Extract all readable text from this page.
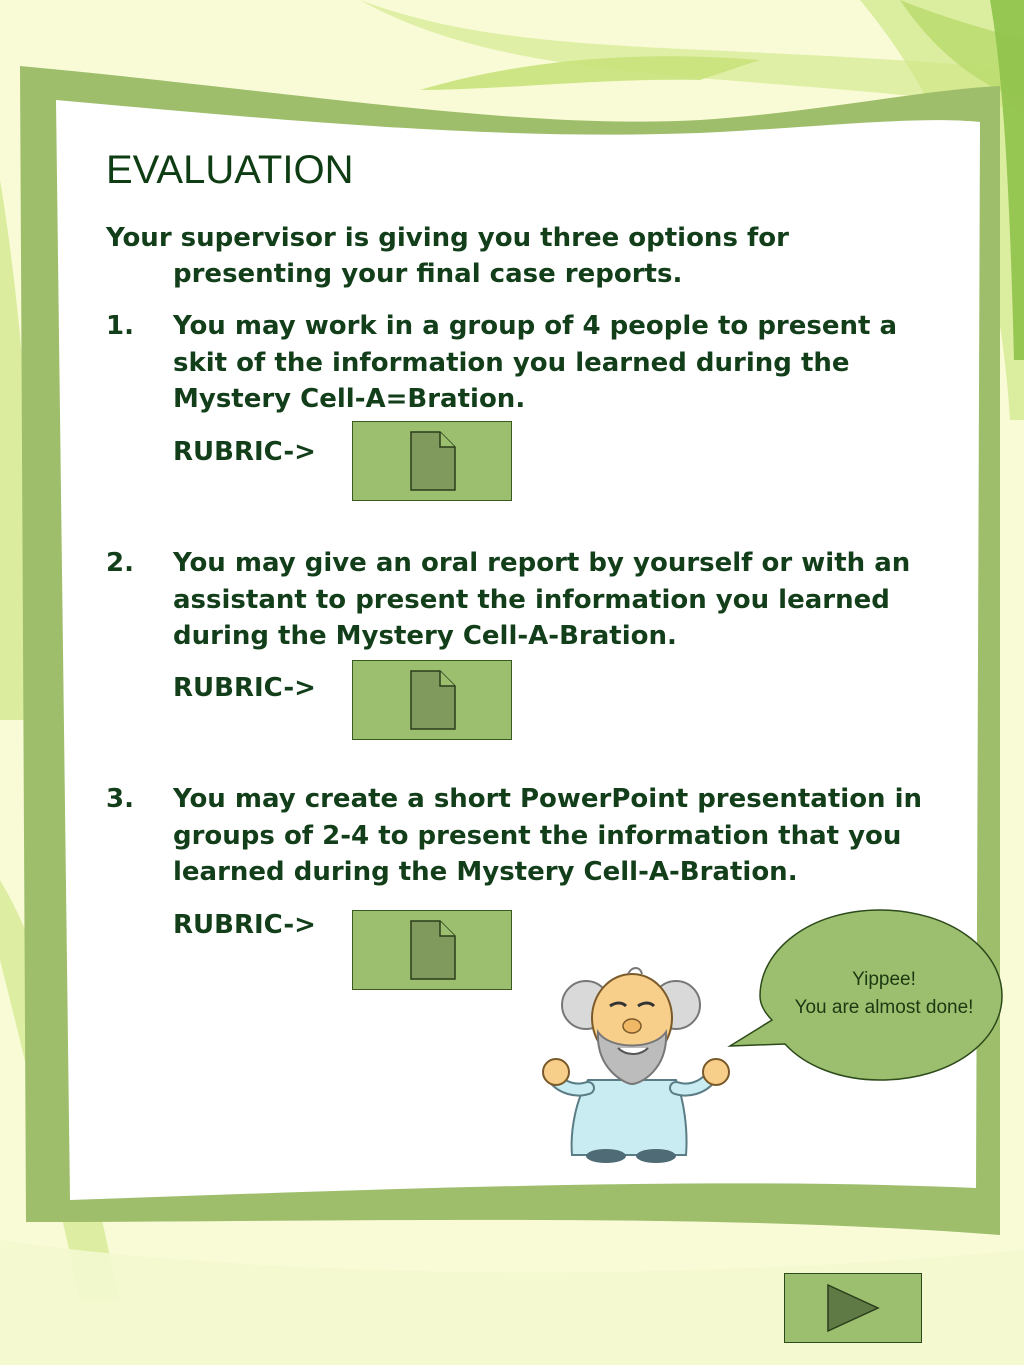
EVALUATION
Your supervisor is giving you three options for presenting your final case reports.
1. You may work in a group of 4 people to present a skit of the information you learned during the Mystery Cell-A=Bration.
RUBRIC->
2. You may give an oral report by yourself or with an assistant to present the information you learned during the Mystery Cell-A-Bration.
RUBRIC->
3. You may create a short PowerPoint presentation in groups of 2-4 to present the information that you learned during the Mystery Cell-A-Bration.
RUBRIC->
Yippee!
You are almost done!
